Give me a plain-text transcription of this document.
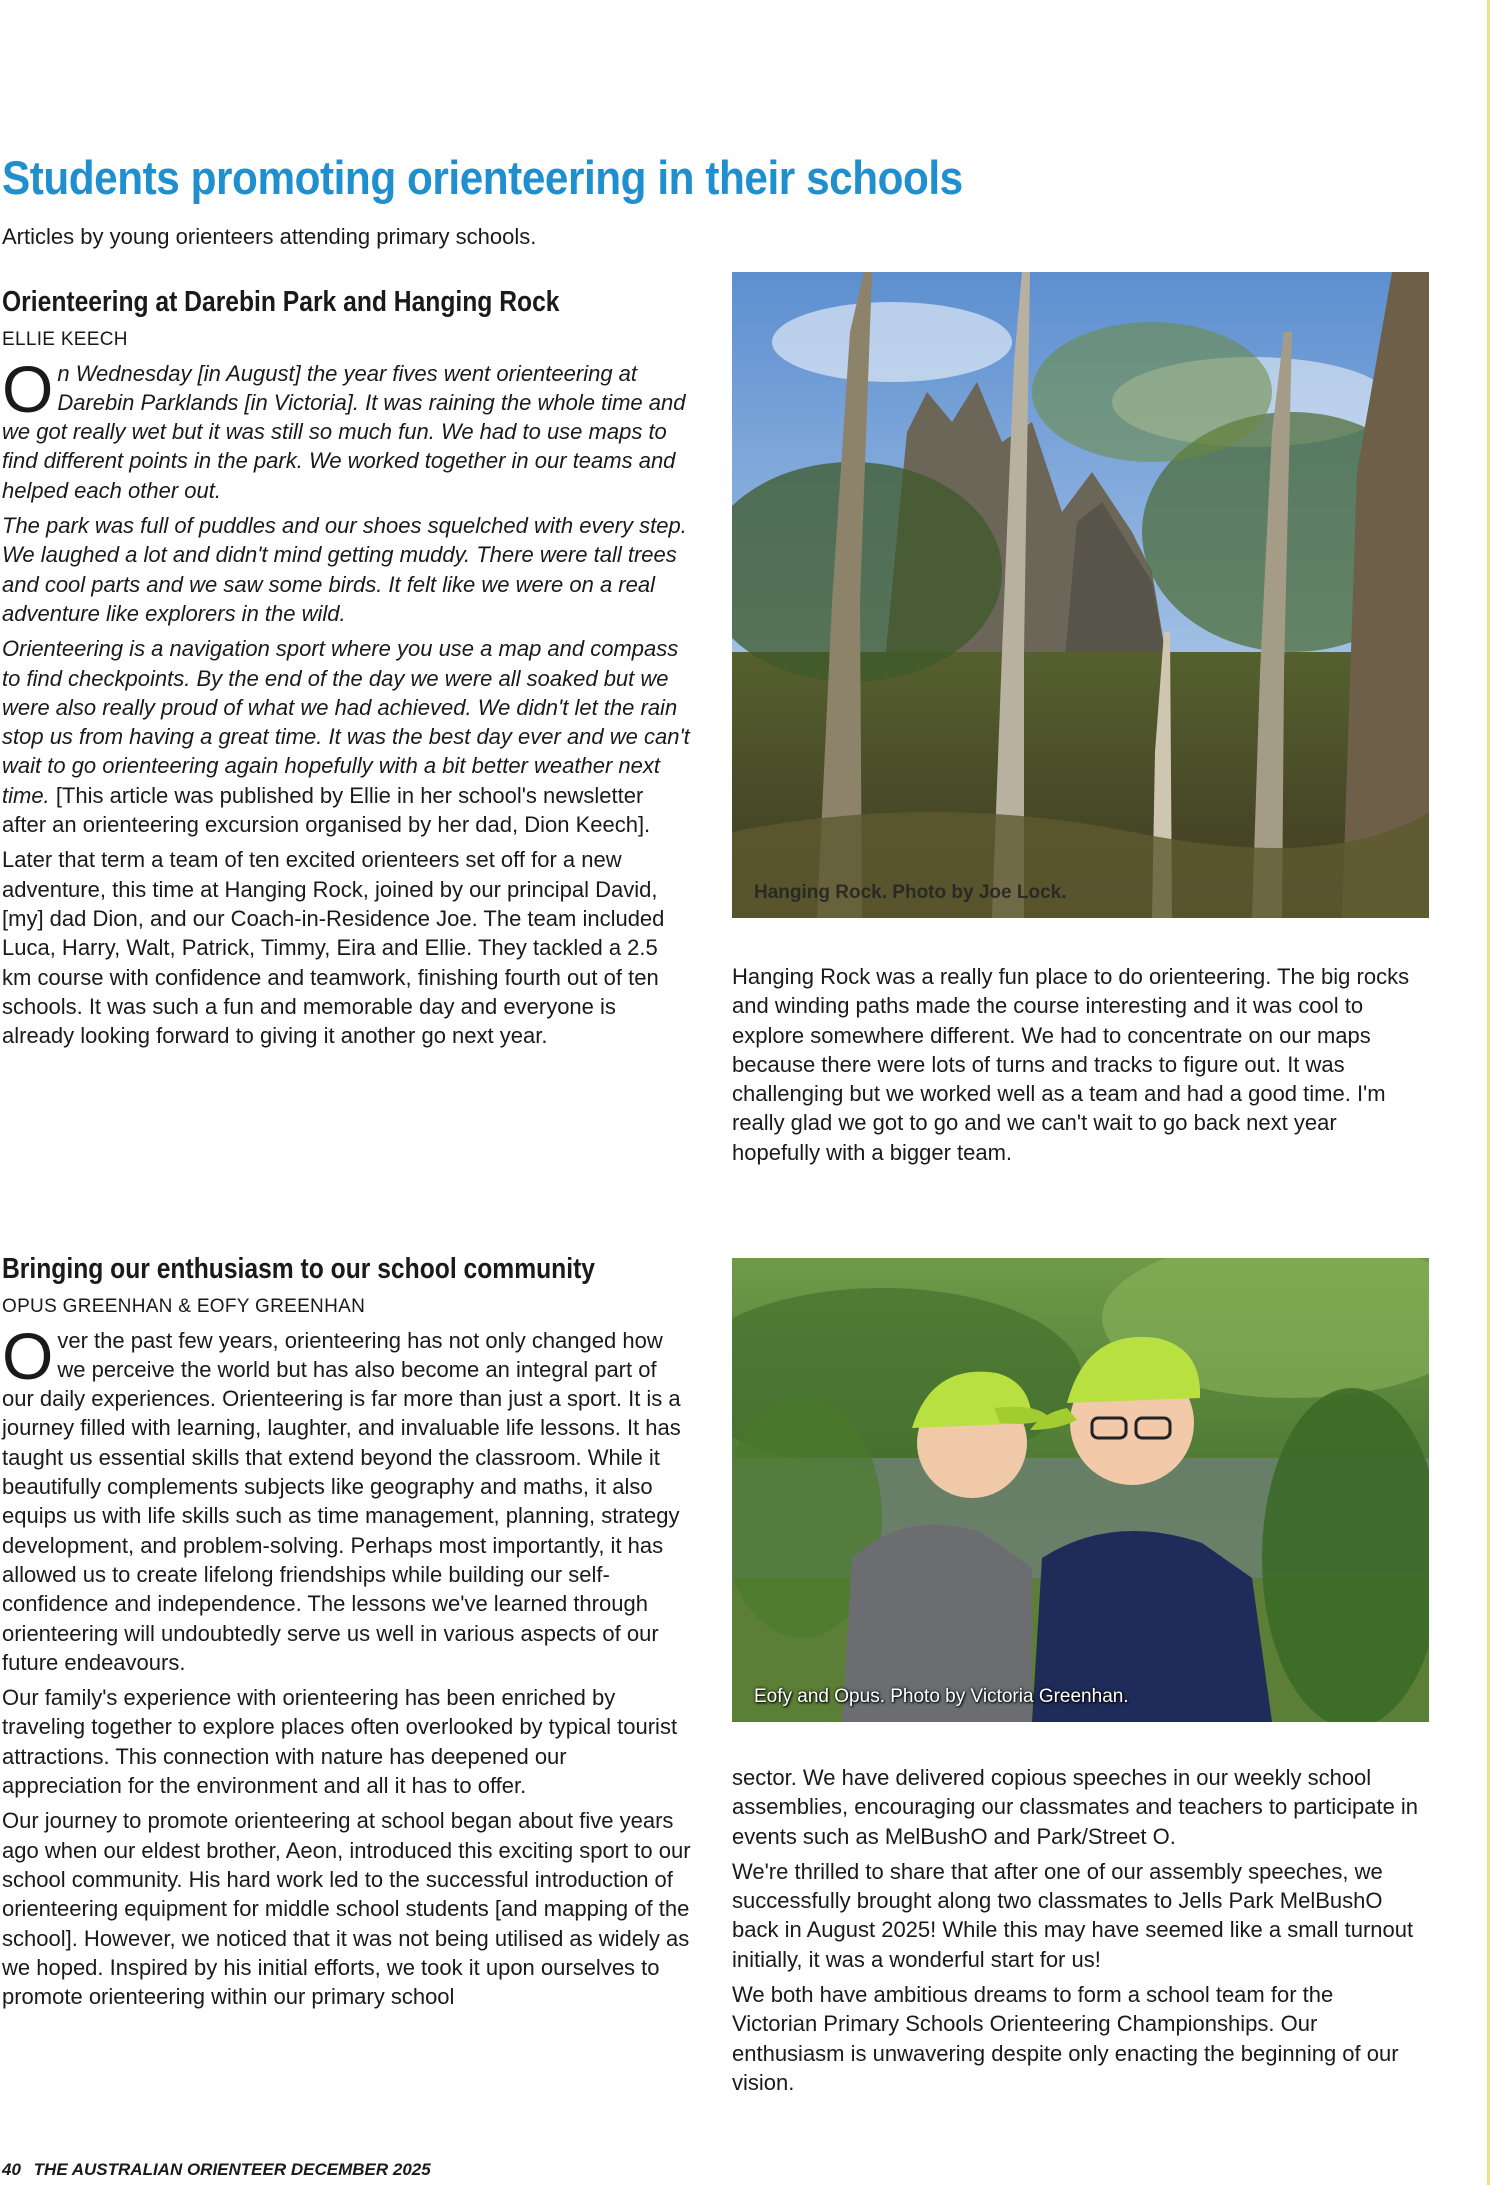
Students promoting orienteering in their schools

Articles by young orienteers attending primary schools.

Orienteering at Darebin Park and Hanging Rock
ELLIE KEECH

On Wednesday [in August] the year fives went orienteering at Darebin Parklands [in Victoria]. It was raining the whole time and we got really wet but it was still so much fun. We had to use maps to find different points in the park. We worked together in our teams and helped each other out.

The park was full of puddles and our shoes squelched with every step. We laughed a lot and didn't mind getting muddy. There were tall trees and cool parts and we saw some birds. It felt like we were on a real adventure like explorers in the wild.

Orienteering is a navigation sport where you use a map and compass to find checkpoints. By the end of the day we were all soaked but we were also really proud of what we had achieved. We didn't let the rain stop us from having a great time. It was the best day ever and we can't wait to go orienteering again hopefully with a bit better weather next time. [This article was published by Ellie in her school's newsletter after an orienteering excursion organised by her dad, Dion Keech].

Later that term a team of ten excited orienteers set off for a new adventure, this time at Hanging Rock, joined by our principal David, [my] dad Dion, and our Coach-in-Residence Joe. The team included Luca, Harry, Walt, Patrick, Timmy, Eira and Ellie. They tackled a 2.5 km course with confidence and teamwork, finishing fourth out of ten schools. It was such a fun and memorable day and everyone is already looking forward to giving it another go next year.

Hanging Rock. Photo by Joe Lock.

Hanging Rock was a really fun place to do orienteering. The big rocks and winding paths made the course interesting and it was cool to explore somewhere different. We had to concentrate on our maps because there were lots of turns and tracks to figure out. It was challenging but we worked well as a team and had a good time. I'm really glad we got to go and we can't wait to go back next year hopefully with a bigger team.

Bringing our enthusiasm to our school community
OPUS GREENHAN & EOFY GREENHAN

Over the past few years, orienteering has not only changed how we perceive the world but has also become an integral part of our daily experiences. Orienteering is far more than just a sport. It is a journey filled with learning, laughter, and invaluable life lessons. It has taught us essential skills that extend beyond the classroom. While it beautifully complements subjects like geography and maths, it also equips us with life skills such as time management, planning, strategy development, and problem-solving. Perhaps most importantly, it has allowed us to create lifelong friendships while building our self-confidence and independence. The lessons we've learned through orienteering will undoubtedly serve us well in various aspects of our future endeavours.

Our family's experience with orienteering has been enriched by traveling together to explore places often overlooked by typical tourist attractions. This connection with nature has deepened our appreciation for the environment and all it has to offer.

Our journey to promote orienteering at school began about five years ago when our eldest brother, Aeon, introduced this exciting sport to our school community. His hard work led to the successful introduction of orienteering equipment for middle school students [and mapping of the school]. However, we noticed that it was not being utilised as widely as we hoped. Inspired by his initial efforts, we took it upon ourselves to promote orienteering within our primary school

Eofy and Opus. Photo by Victoria Greenhan.

sector. We have delivered copious speeches in our weekly school assemblies, encouraging our classmates and teachers to participate in events such as MelBushO and Park/Street O.

We're thrilled to share that after one of our assembly speeches, we successfully brought along two classmates to Jells Park MelBushO back in August 2025! While this may have seemed like a small turnout initially, it was a wonderful start for us!

We both have ambitious dreams to form a school team for the Victorian Primary Schools Orienteering Championships. Our enthusiasm is unwavering despite only enacting the beginning of our vision.

40 THE AUSTRALIAN ORIENTEER DECEMBER 2025
